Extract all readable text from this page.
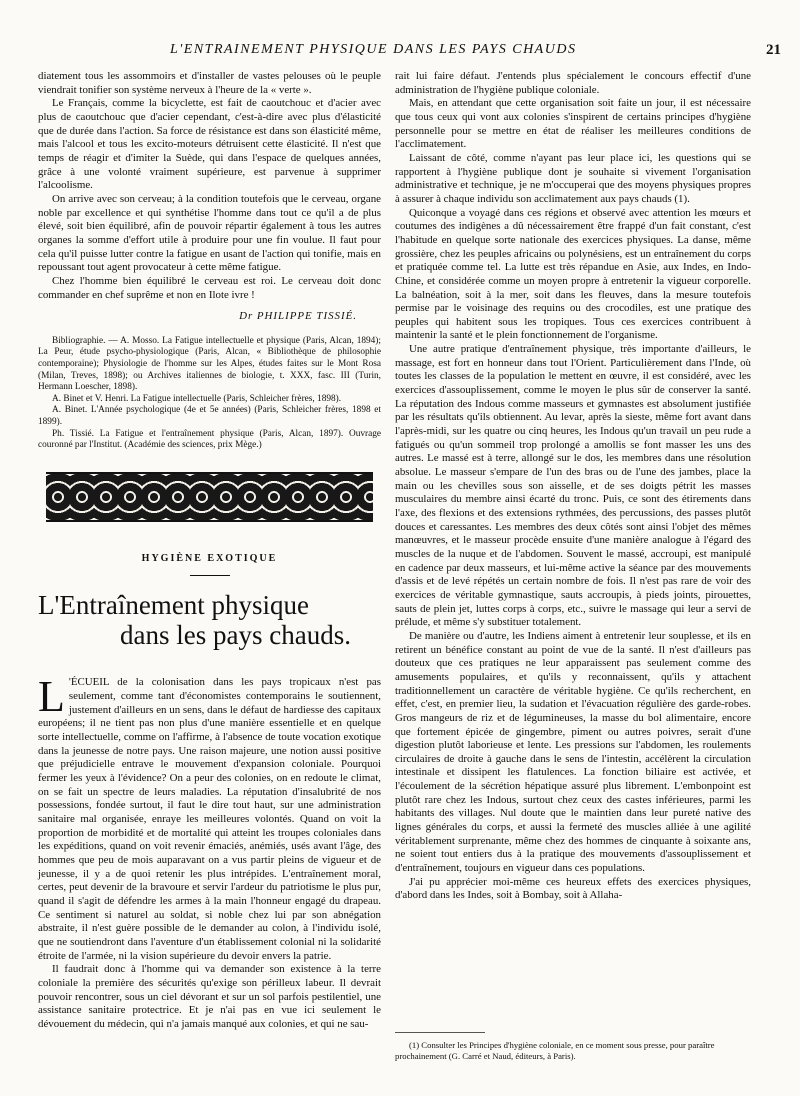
L'ENTRAINEMENT PHYSIQUE DANS LES PAYS CHAUDS	21

diatement tous les assommoirs et d'installer de vastes pelouses où le peuple viendrait tonifier son système nerveux à l'heure de la « verte ».

Le Français, comme la bicyclette, est fait de caoutchouc et d'acier avec plus de caoutchouc que d'acier cependant, c'est-à-dire avec plus d'élasticité que de durée dans l'action. Sa force de résistance est dans son élasticité même, mais l'alcool et tous les excito-moteurs détruisent cette élasticité. Il n'est que temps de réagir et d'imiter la Suède, qui dans l'espace de quelques années, grâce à une volonté vraiment supérieure, est parvenue à supprimer l'alcoolisme.

On arrive avec son cerveau; à la condition toutefois que le cerveau, organe noble par excellence et qui synthétise l'homme dans tout ce qu'il a de plus élevé, soit bien équilibré, afin de pouvoir répartir également à tous les autres organes la somme d'effort utile à produire pour une fin voulue. Il faut pour cela qu'il puisse lutter contre la fatigue en usant de l'action qui tonifie, mais en repoussant tout agent provocateur à cette même fatigue.

Chez l'homme bien équilibré le cerveau est roi. Le cerveau doit donc commander en chef suprême et non en Ilote ivre !

Dr PHILIPPE TISSIÉ.

Bibliographie. — A. Mosso. La Fatigue intellectuelle et physique (Paris, Alcan, 1894); La Peur, étude psycho-physiologique (Paris, Alcan, « Bibliothèque de philosophie contemporaine); Physiologie de l'homme sur les Alpes, études faites sur le Mont Rosa (Milan, Treves, 1898); ou Archives italiennes de biologie, t. XXX, fasc. III (Turin, Hermann Loescher, 1898).

A. Binet et V. Henri. La Fatigue intellectuelle (Paris, Schleicher frères, 1898).

A. Binet. L'Année psychologique (4e et 5e années) (Paris, Schleicher frères, 1898 et 1899).

Ph. Tissié. La Fatigue et l'entraînement physique (Paris, Alcan, 1897). Ouvrage couronné par l'Institut. (Académie des sciences, prix Mège.)

HYGIÈNE EXOTIQUE

L'Entraînement physique
dans les pays chauds.

L 'ÉCUEIL de la colonisation dans les pays tropicaux n'est pas seulement, comme tant d'économistes contemporains le soutiennent, justement d'ailleurs en un sens, dans le défaut de hardiesse des capitaux européens; il ne tient pas non plus d'une manière essentielle et en quelque sorte intellectuelle, comme on l'affirme, à l'absence de toute vocation exotique dans la jeunesse de notre pays. Une raison majeure, une notion aussi positive que préjudicielle entrave le mouvement d'expansion coloniale. Pourquoi fermer les yeux à l'évidence? On a peur des colonies, on en redoute le climat, on se fait un spectre de leurs maladies. La réputation d'insalubrité de nos possessions, fondée surtout, il faut le dire tout haut, sur une administration sanitaire mal organisée, enraye les meilleures volontés. Quand on voit la proportion de morbidité et de mortalité qui atteint les troupes coloniales dans les expéditions, quand on voit revenir émaciés, anémiés, usés avant l'âge, des hommes que peu de mois auparavant on a vus partir pleins de vigueur et de jeunesse, il y a de quoi retenir les plus intrépides. L'entraînement moral, certes, peut devenir de la bravoure et servir l'ardeur du patriotisme le plus pur, quand il s'agit de défendre les armes à la main l'honneur engagé du drapeau. Ce sentiment si naturel au soldat, si noble chez lui par son abnégation abstraite, il n'est guère possible de le demander au colon, à l'individu isolé, que ne soutiendront dans l'aventure d'un établissement colonial ni la solidarité étroite de l'armée, ni la vision supérieure du devoir envers la patrie.

Il faudrait donc à l'homme qui va demander son existence à la terre coloniale la première des sécurités qu'exige son périlleux labeur. Il devrait pouvoir rencontrer, sous un ciel dévorant et sur un sol parfois pestilentiel, une assistance sanitaire protectrice. Et je n'ai pas en vue ici seulement le dévouement du médecin, qui n'a jamais manqué aux colonies, et qui ne sau-

rait lui faire défaut. J'entends plus spécialement le concours effectif d'une administration de l'hygiène publique coloniale.

Mais, en attendant que cette organisation soit faite un jour, il est nécessaire que tous ceux qui vont aux colonies s'inspirent de certains principes d'hygiène personnelle pour se mettre en état de réaliser les meilleures conditions de l'acclimatement.

Laissant de côté, comme n'ayant pas leur place ici, les questions qui se rapportent à l'hygiène publique dont je souhaite si vivement l'organisation administrative et technique, je ne m'occuperai que des moyens physiques propres à assurer à chaque individu son acclimatement aux pays chauds (1).

Quiconque a voyagé dans ces régions et observé avec attention les mœurs et coutumes des indigènes a dû nécessairement être frappé d'un fait constant, c'est l'habitude en quelque sorte nationale des exercices physiques. La danse, même grossière, chez les peuples africains ou polynésiens, est un entraînement du corps et pratiquée comme tel. La lutte est très répandue en Asie, aux Indes, en Indo-Chine, et considérée comme un moyen propre à entretenir la vigueur corporelle. La balnéation, soit à la mer, soit dans les fleuves, dans la mesure toutefois permise par le voisinage des requins ou des crocodiles, est une pratique des peuples qui habitent sous les tropiques. Tous ces exercices contribuent à maintenir la santé et le plein fonctionnement de l'organisme.

Une autre pratique d'entraînement physique, très importante d'ailleurs, le massage, est fort en honneur dans tout l'Orient. Particulièrement dans l'Inde, où toutes les classes de la population le mettent en œuvre, il est considéré, avec les exercices d'assouplissement, comme le moyen le plus sûr de conserver la santé. La réputation des Indous comme masseurs et gymnastes est absolument justifiée par les résultats qu'ils obtiennent. Au levar, après la sieste, même fort avant dans l'après-midi, sur les quatre ou cinq heures, les Indous qu'un travail un peu rude a fatigués ou qu'un sommeil trop prolongé a amollis se font masser les uns des autres. Le massé est à terre, allongé sur le dos, les membres dans une résolution absolue. Le masseur s'empare de l'un des bras ou de l'une des jambes, place la main ou les chevilles sous son aisselle, et de ses doigts pétrit les masses musculaires du membre ainsi écarté du tronc. Puis, ce sont des étirements dans l'axe, des flexions et des extensions rythmées, des percussions, des passes plutôt douces et caressantes. Les membres des deux côtés sont ainsi l'objet des mêmes manœuvres, et le masseur procède ensuite d'une manière analogue à l'égard des muscles de la nuque et de l'abdomen. Souvent le massé, accroupi, est manipulé en cadence par deux masseurs, et lui-même active la séance par des mouvements d'assis et de levé répétés un certain nombre de fois. Il n'est pas rare de voir des exercices de véritable gymnastique, sauts accroupis, à pieds joints, pirouettes, sauts de plein jet, luttes corps à corps, etc., suivre le massage qui leur a servi de prélude, et même s'y substituer totalement.

De manière ou d'autre, les Indiens aiment à entretenir leur souplesse, et ils en retirent un bénéfice constant au point de vue de la santé. Il n'est d'ailleurs pas douteux que ces pratiques ne leur apparaissent pas seulement comme des amusements populaires, et qu'ils y reconnaissent, qu'ils y attachent traditionnellement un caractère de véritable hygiène. Ce qu'ils recherchent, en effet, c'est, en premier lieu, la sudation et l'évacuation régulière des garde-robes. Gros mangeurs de riz et de légumineuses, la masse du bol alimentaire, encore que fortement épicée de gingembre, piment ou autres poivres, serait d'une digestion plutôt laborieuse et lente. Les pressions sur l'abdomen, les roulements circulaires de droite à gauche dans le sens de l'intestin, accélèrent la circulation intestinale et dissipent les flatulences. La fonction biliaire est activée, et l'écoulement de la sécrétion hépatique assuré plus librement. L'embonpoint est plutôt rare chez les Indous, surtout chez ceux des castes inférieures, parmi les habitants des villages. Nul doute que le maintien dans leur pureté native des lignes générales du corps, et aussi la fermeté des muscles alliée à une agilité véritablement surprenante, même chez des hommes de cinquante à soixante ans, ne soient tout entiers dus à la pratique des mouvements d'assouplissement et d'entraînement, toujours en vigueur dans ces populations.

J'ai pu apprécier moi-même ces heureux effets des exercices physiques, d'abord dans les Indes, soit à Bombay, soit à Allaha-

(1) Consulter les Principes d'hygiène coloniale, en ce moment sous presse, pour paraître prochainement (G. Carré et Naud, éditeurs, à Paris).
